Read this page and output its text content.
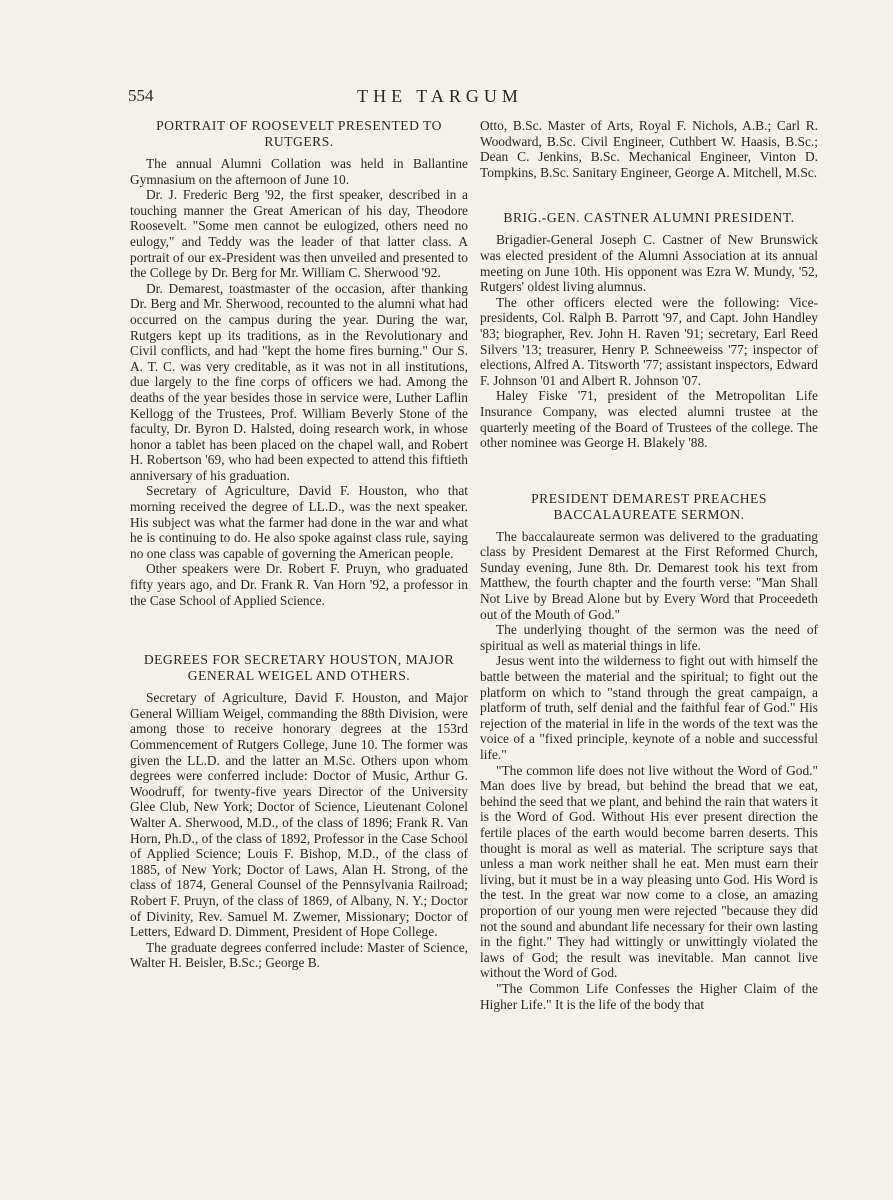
554	THE TARGUM
PORTRAIT OF ROOSEVELT PRESENTED TO RUTGERS.

The annual Alumni Collation was held in Ballantine Gymnasium on the afternoon of June 10.

Dr. J. Frederic Berg '92, the first speaker, described in a touching manner the Great American of his day, Theodore Roosevelt. "Some men cannot be eulogized, others need no eulogy," and Teddy was the leader of that latter class. A portrait of our ex-President was then unveiled and presented to the College by Dr. Berg for Mr. William C. Sherwood '92.

Dr. Demarest, toastmaster of the occasion, after thanking Dr. Berg and Mr. Sherwood, recounted to the alumni what had occurred on the campus during the year. During the war, Rutgers kept up its traditions, as in the Revolutionary and Civil conflicts, and had "kept the home fires burning." Our S. A. T. C. was very creditable, as it was not in all institutions, due largely to the fine corps of officers we had. Among the deaths of the year besides those in service were, Luther Laflin Kellogg of the Trustees, Prof. William Beverly Stone of the faculty, Dr. Byron D. Halsted, doing research work, in whose honor a tablet has been placed on the chapel wall, and Robert H. Robertson '69, who had been expected to attend this fiftieth anniversary of his graduation.

Secretary of Agriculture, David F. Houston, who that morning received the degree of LL.D., was the next speaker. His subject was what the farmer had done in the war and what he is continuing to do. He also spoke against class rule, saying no one class was capable of governing the American people.

Other speakers were Dr. Robert F. Pruyn, who graduated fifty years ago, and Dr. Frank R. Van Horn '92, a professor in the Case School of Applied Science.

DEGREES FOR SECRETARY HOUSTON, MAJOR GENERAL WEIGEL AND OTHERS.

Secretary of Agriculture, David F. Houston, and Major General William Weigel, commanding the 88th Division, were among those to receive honorary degrees at the 153rd Commencement of Rutgers College, June 10. The former was given the LL.D. and the latter an M.Sc. Others upon whom degrees were conferred include: Doctor of Music, Arthur G. Woodruff, for twenty-five years Director of the University Glee Club, New York; Doctor of Science, Lieutenant Colonel Walter A. Sherwood, M.D., of the class of 1896; Frank R. Van Horn, Ph.D., of the class of 1892, Professor in the Case School of Applied Science; Louis F. Bishop, M.D., of the class of 1885, of New York; Doctor of Laws, Alan H. Strong, of the class of 1874, General Counsel of the Pennsylvania Railroad; Robert F. Pruyn, of the class of 1869, of Albany, N. Y.; Doctor of Divinity, Rev. Samuel M. Zwemer, Missionary; Doctor of Letters, Edward D. Dimment, President of Hope College.

The graduate degrees conferred include: Master of Science, Walter H. Beisler, B.Sc.; George B.

Otto, B.Sc. Master of Arts, Royal F. Nichols, A.B.; Carl R. Woodward, B.Sc. Civil Engineer, Cuthbert W. Haasis, B.Sc.; Dean C. Jenkins, B.Sc. Mechanical Engineer, Vinton D. Tompkins, B.Sc. Sanitary Engineer, George A. Mitchell, M.Sc.

BRIG.-GEN. CASTNER ALUMNI PRESIDENT.

Brigadier-General Joseph C. Castner of New Brunswick was elected president of the Alumni Association at its annual meeting on June 10th. His opponent was Ezra W. Mundy, '52, Rutgers' oldest living alumnus.

The other officers elected were the following: Vice-presidents, Col. Ralph B. Parrott '97, and Capt. John Handley '83; biographer, Rev. John H. Raven '91; secretary, Earl Reed Silvers '13; treasurer, Henry P. Schneeweiss '77; inspector of elections, Alfred A. Titsworth '77; assistant inspectors, Edward F. Johnson '01 and Albert R. Johnson '07.

Haley Fiske '71, president of the Metropolitan Life Insurance Company, was elected alumni trustee at the quarterly meeting of the Board of Trustees of the college. The other nominee was George H. Blakely '88.

PRESIDENT DEMAREST PREACHES BACCALAUREATE SERMON.

The baccalaureate sermon was delivered to the graduating class by President Demarest at the First Reformed Church, Sunday evening, June 8th. Dr. Demarest took his text from Matthew, the fourth chapter and the fourth verse: "Man Shall Not Live by Bread Alone but by Every Word that Proceedeth out of the Mouth of God."

The underlying thought of the sermon was the need of spiritual as well as material things in life.

Jesus went into the wilderness to fight out with himself the battle between the material and the spiritual; to fight out the platform on which to "stand through the great campaign, a platform of truth, self denial and the faithful fear of God." His rejection of the material in life in the words of the text was the voice of a "fixed principle, keynote of a noble and successful life."

"The common life does not live without the Word of God." Man does live by bread, but behind the bread that we eat, behind the seed that we plant, and behind the rain that waters it is the Word of God. Without His ever present direction the fertile places of the earth would become barren deserts. This thought is moral as well as material. The scripture says that unless a man work neither shall he eat. Men must earn their living, but it must be in a way pleasing unto God. His Word is the test. In the great war now come to a close, an amazing proportion of our young men were rejected "because they did not the sound and abundant life necessary for their own lasting in the fight." They had wittingly or unwittingly violated the laws of God; the result was inevitable. Man cannot live without the Word of God.

"The Common Life Confesses the Higher Claim of the Higher Life." It is the life of the body that
